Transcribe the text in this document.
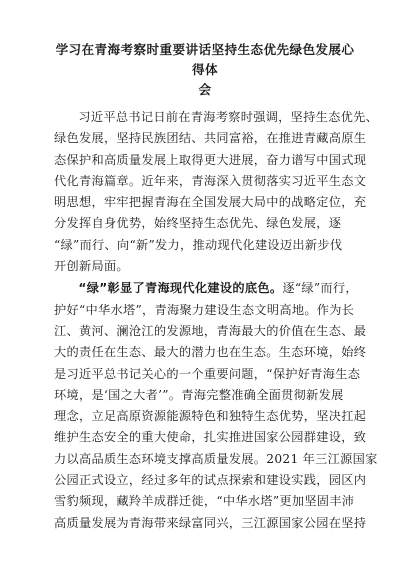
学习在青海考察时重要讲话坚持生态优先绿色发展心得体
会
习近平总书记日前在青海考察时强调，坚持生态优先、
绿色发展，坚持民族团结、共同富裕，在推进青藏高原生
态保护和高质量发展上取得更大进展，奋力谱写中国式现
代化青海篇章。近年来，青海深入贯彻落实习近平生态文
明思想，牢牢把握青海在全国发展大局中的战略定位，充
分发挥自身优势，始终坚持生态优先、绿色发展，逐
“绿”而行、向“新”发力，推动现代化建设迈出新步伐
开创新局面。
“绿”彰显了青海现代化建设的底色。逐“绿”而行，
护好“中华水塔”，青海聚力建设生态文明高地。作为长
江、黄河、澜沧江的发源地，青海最大的价值在生态、最
大的责任在生态、最大的潜力也在生态。生态环境，始终
是习近平总书记关心的一个重要问题，“保护好青海生态
环境，是‘国之大者’”。青海完整准确全面贯彻新发展
理念，立足高原资源能源特色和独特生态优势，坚决扛起
维护生态安全的重大使命，扎实推进国家公园群建设，致
力以高品质生态环境支撑高质量发展。2021 年三江源国家
公园正式设立，经过多年的试点探索和建设实践，园区内
雪豹频现，藏羚羊成群迁徙，“中华水塔”更加坚固丰沛
高质量发展为青海带来绿富同兴，三江源国家公园在坚持
